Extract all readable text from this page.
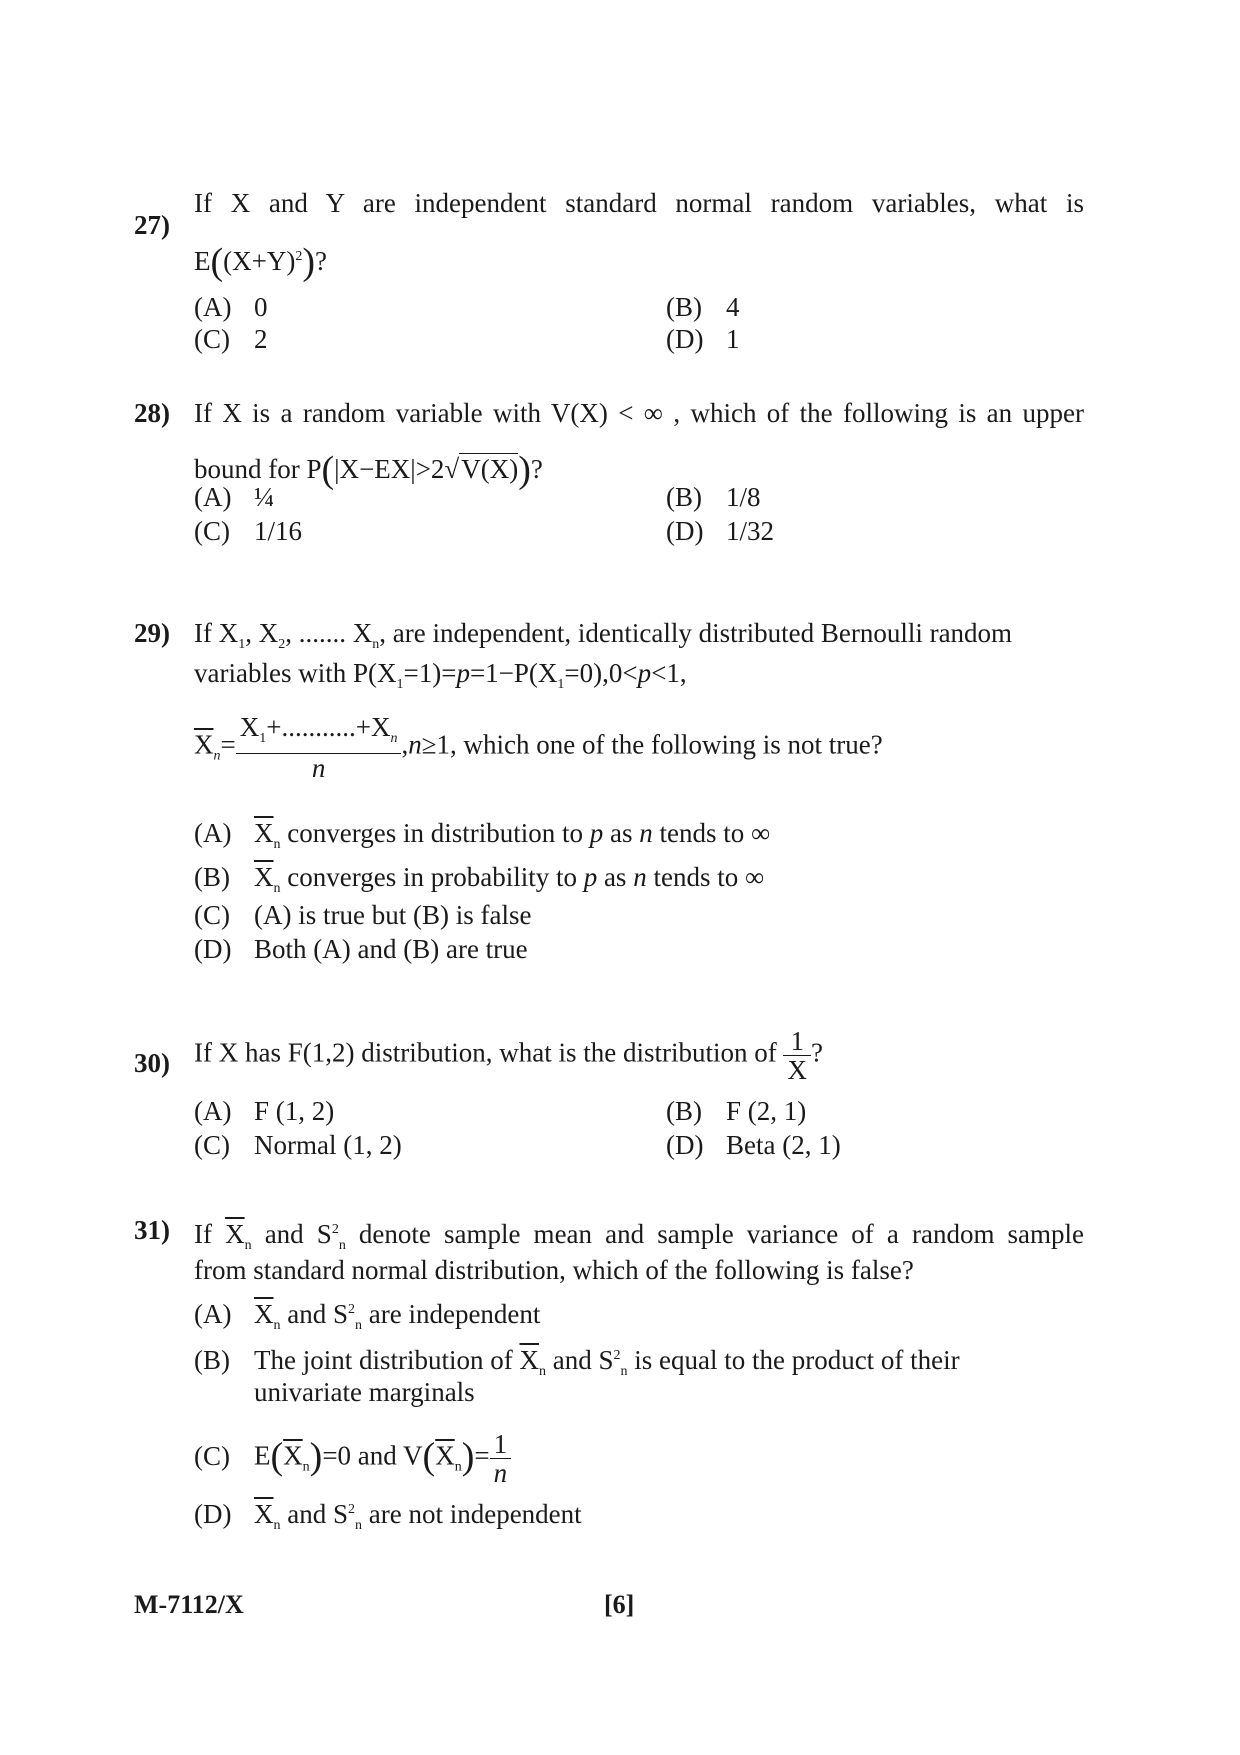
27)
If X and Y are independent standard normal random variables, what is
$E((X+Y)^2)$?
(A) 0	(B) 4
(C) 2	(D) 1
28) If X is a random variable with V(X) < ∞ , which of the following is an upper
bound for P(|X−EX|>2√V(X))?
(A) ¼	(B) 1/8
(C) 1/16	(D) 1/32
29) If $X_1$, $X_2$, ....... $X_n$, are independent, identically distributed Bernoulli random
variables with $P(X_1=1)=p=1-P(X_1=0),0<p<1$,
$\overline{X}_n= \frac{X_1+...........+X_n}{n} ,n\ge 1$, which one of the following is not true?
(A) $\overline{X}_n$ converges in distribution to p as n tends to ∞
(B) $\overline{X}_n$ converges in probability to p as n tends to ∞
(C) (A) is true but (B) is false
(D) Both (A) and (B) are true
30) If X has F(1,2) distribution, what is the distribution of $\frac{1}{X}$ ?
(A) F (1, 2)	(B) F (2, 1)
(C) Normal (1, 2)	(D) Beta (2, 1)
31) If $\overline{X}_n$ and $S^2_n$ denote sample mean and sample variance of a random sample
from standard normal distribution, which of the following is false?
(A) $\overline{X}_n$ and $S^2_n$ are independent
(B) The joint distribution of $\overline{X}_n$ and $S^2_n$ is equal to the product of their
univariate marginals
(C) $E(\overline{X}_n)=0$ and $V(\overline{X}_n)= \frac{1}{n}$
(D) $\overline{X}_n$ and $S^2_n$ are not independent
M-7112/X	[6]
